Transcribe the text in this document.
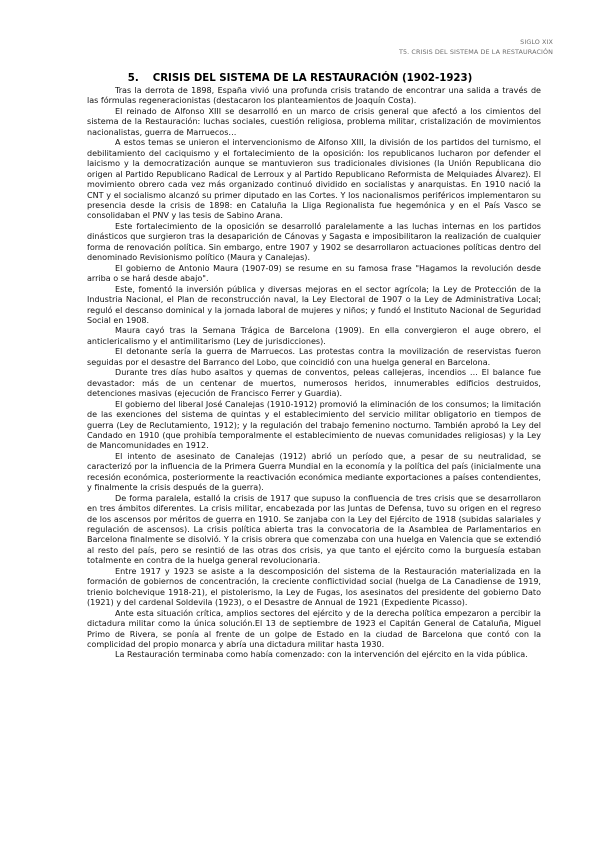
SIGLO XIX
T5. CRISIS DEL SISTEMA DE LA RESTAURACIÓN
5. CRISIS DEL SISTEMA DE LA RESTAURACIÓN (1902-1923)

Tras la derrota de 1898, España vivió una profunda crisis tratando de encontrar una salida a través de las fórmulas regeneracionistas (destacaron los planteamientos de Joaquín Costa).

El reinado de Alfonso XIII se desarrolló en un marco de crisis general que afectó a los cimientos del sistema de la Restauración: luchas sociales, cuestión religiosa, problema militar, cristalización de movimientos nacionalistas, guerra de Marruecos…

A estos temas se unieron el intervencionismo de Alfonso XIII, la división de los partidos del turnismo, el debilitamiento del caciquismo y el fortalecimiento de la oposición: los republicanos lucharon por defender el laicismo y la democratización aunque se mantuvieron sus tradicionales divisiones (la Unión Republicana dio origen al Partido Republicano Radical de Lerroux y al Partido Republicano Reformista de Melquiades Álvarez). El movimiento obrero cada vez más organizado continuó dividido en socialistas y anarquistas. En 1910 nació la CNT y el socialismo alcanzó su primer diputado en las Cortes. Y los nacionalismos periféricos implementaron su presencia desde la crisis de 1898: en Cataluña la Lliga Regionalista fue hegemónica y en el País Vasco se consolidaban el PNV y las tesis de Sabino Arana.

Este fortalecimiento de la oposición se desarrolló paralelamente a las luchas internas en los partidos dinásticos que surgieron tras la desaparición de Cánovas y Sagasta e imposibilitaron la realización de cualquier forma de renovación política. Sin embargo, entre 1907 y 1902 se desarrollaron actuaciones políticas dentro del denominado Revisionismo político (Maura y Canalejas).

El gobierno de Antonio Maura (1907-09) se resume en su famosa frase "Hagamos la revolución desde arriba o se hará desde abajo".

Este, fomentó la inversión pública y diversas mejoras en el sector agrícola; la Ley de Protección de la Industria Nacional, el Plan de reconstrucción naval, la Ley Electoral de 1907 o la Ley de Administrativa Local; reguló el descanso dominical y la jornada laboral de mujeres y niños; y fundó el Instituto Nacional de Seguridad Social en 1908.

Maura cayó tras la Semana Trágica de Barcelona (1909). En ella convergieron el auge obrero, el anticlericalismo y el antimilitarismo (Ley de jurisdicciones).

El detonante sería la guerra de Marruecos. Las protestas contra la movilización de reservistas fueron seguidas por el desastre del Barranco del Lobo, que coincidió con una huelga general en Barcelona.

Durante tres días hubo asaltos y quemas de conventos, peleas callejeras, incendios … El balance fue devastador: más de un centenar de muertos, numerosos heridos, innumerables edificios destruidos, detenciones masivas (ejecución de Francisco Ferrer y Guardia).

El gobierno del liberal José Canalejas (1910-1912) promovió la eliminación de los consumos; la limitación de las exenciones del sistema de quintas y el establecimiento del servicio militar obligatorio en tiempos de guerra (Ley de Reclutamiento, 1912); y la regulación del trabajo femenino nocturno. También aprobó la Ley del Candado en 1910 (que prohibía temporalmente el establecimiento de nuevas comunidades religiosas) y la Ley de Mancomunidades en 1912.

El intento de asesinato de Canalejas (1912) abrió un período que, a pesar de su neutralidad, se caracterizó por la influencia de la Primera Guerra Mundial en la economía y la política del país (inicialmente una recesión económica, posteriormente la reactivación económica mediante exportaciones a países contendientes, y finalmente la crisis después de la guerra).

De forma paralela, estalló la crisis de 1917 que supuso la confluencia de tres crisis que se desarrollaron en tres ámbitos diferentes. La crisis militar, encabezada por las Juntas de Defensa, tuvo su origen en el regreso de los ascensos por méritos de guerra en 1910. Se zanjaba con la Ley del Ejército de 1918 (subidas salariales y regulación de ascensos). La crisis política abierta tras la convocatoria de la Asamblea de Parlamentarios en Barcelona finalmente se disolvió. Y la crisis obrera que comenzaba con una huelga en Valencia que se extendió al resto del país, pero se resintió de las otras dos crisis, ya que tanto el ejército como la burguesía estaban totalmente en contra de la huelga general revolucionaria.

Entre 1917 y 1923 se asiste a la descomposición del sistema de la Restauración materializada en la formación de gobiernos de concentración, la creciente conflictividad social (huelga de La Canadiense de 1919, trienio bolchevique 1918-21), el pistolerismo, la Ley de Fugas, los asesinatos del presidente del gobierno Dato (1921) y del cardenal Soldevila (1923), o el Desastre de Annual de 1921 (Expediente Picasso).

Ante esta situación crítica, amplios sectores del ejército y de la derecha política empezaron a percibir la dictadura militar como la única solución.El 13 de septiembre de 1923 el Capitán General de Cataluña, Miguel Primo de Rivera, se ponía al frente de un golpe de Estado en la ciudad de Barcelona que contó con la complicidad del propio monarca y abría una dictadura militar hasta 1930.

La Restauración terminaba como había comenzado: con la intervención del ejército en la vida pública.
